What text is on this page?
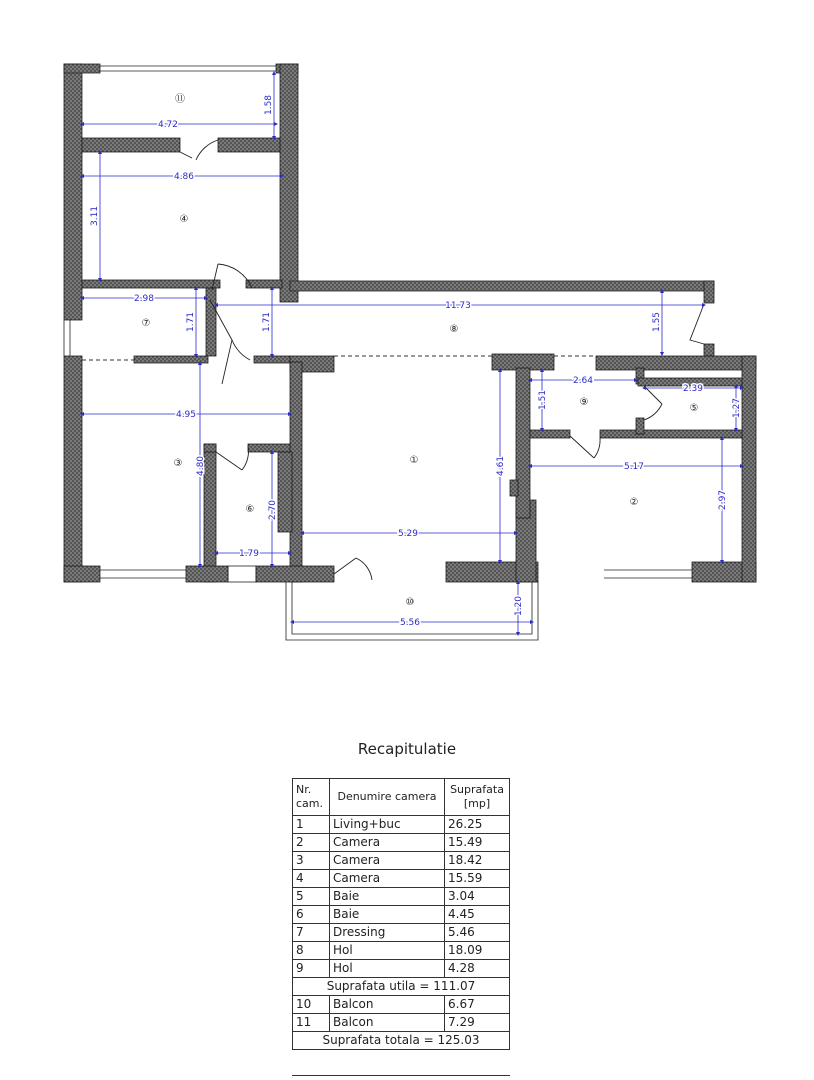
4.72
1.58
4.86
3.11
2.98
1.71	1.71
11.73
1.55
2.64
1.51
2.39
1.27
4.95
4.80
2.70
1.79
4.61
5.29
5.17
2.97
5.56
1.20
①
②
③
④
⑤
⑥
⑦
⑧
⑨
⑩
⑪
Recapitulatie
Nr. cam.	Denumire camera	Suprafata [mp]
1	Living+buc	26.25
2	Camera	15.49
3	Camera	18.42
4	Camera	15.59
5	Baie	3.04
6	Baie	4.45
7	Dressing	5.46
8	Hol	18.09
9	Hol	4.28
Suprafata utila = 111.07		
10	Balcon	6.67
11	Balcon	7.29
Suprafata totala = 125.03		
